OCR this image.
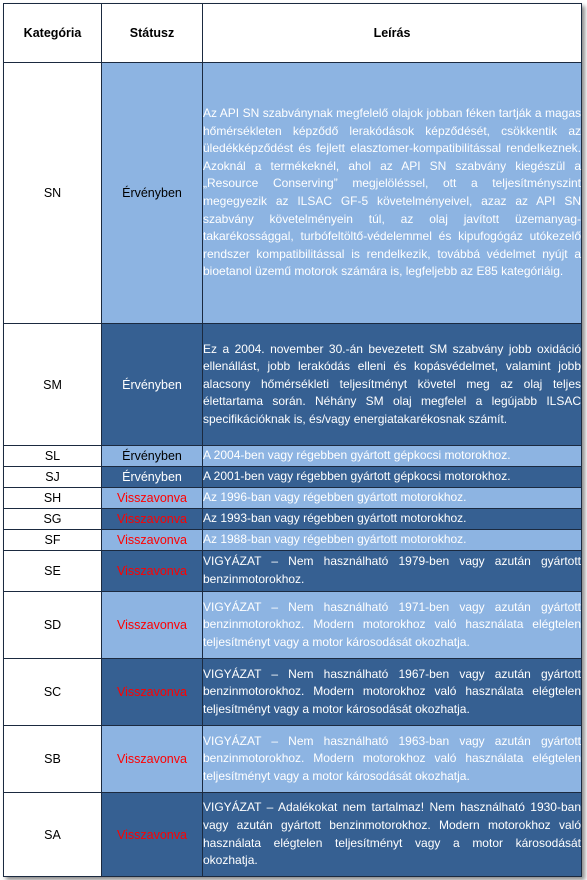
Kategória	Státusz	Leírás
SN	Érvényben	Az API SN szabványnak megfelelő olajok jobban féken tartják a magas hőmérsékleten képződő lerakódások képződését, csökkentik az üledékképződést és fejlett elasztomer-kompatibilitással rendelkeznek. Azoknál a termékeknél, ahol az API SN szabvány kiegészül a „Resource Conserving” megjelöléssel, ott a teljesítményszint megegyezik az ILSAC GF-5 követelményeivel, azaz az API SN szabvány követelményein túl, az olaj javított üzemanyag-takarékossággal, turbófeltöltő-védelemmel és kipufogógáz utókezelő rendszer kompatibilitással is rendelkezik, továbbá védelmet nyújt a bioetanol üzemű motorok számára is, legfeljebb az E85 kategóriáig.
SM	Érvényben	Ez a 2004. november 30.-án bevezetett SM szabvány jobb oxidáció ellenállást, jobb lerakódás elleni és kopásvédelmet, valamint jobb alacsony hőmérsékleti teljesítményt követel meg az olaj teljes élettartama során. Néhány SM olaj megfelel a legújabb ILSAC specifikációknak is, és/vagy energiatakarékosnak számít.
SL	Érvényben	A 2004-ben vagy régebben gyártott gépkocsi motorokhoz.
SJ	Érvényben	A 2001-ben vagy régebben gyártott gépkocsi motorokhoz.
SH	Visszavonva	Az 1996-ban vagy régebben gyártott motorokhoz.
SG	Visszavonva	Az 1993-ban vagy régebben gyártott motorokhoz.
SF	Visszavonva	Az 1988-ban vagy régebben gyártott motorokhoz.
SE	Visszavonva	VIGYÁZAT – Nem használható 1979-ben vagy azután gyártott benzinmotorokhoz.
SD	Visszavonva	VIGYÁZAT – Nem használható 1971-ben vagy azután gyártott benzinmotorokhoz. Modern motorokhoz való használata elégtelen teljesítményt vagy a motor károsodását okozhatja.
SC	Visszavonva	VIGYÁZAT – Nem használható 1967-ben vagy azután gyártott benzinmotorokhoz. Modern motorokhoz való használata elégtelen teljesítményt vagy a motor károsodását okozhatja.
SB	Visszavonva	VIGYÁZAT – Nem használható 1963-ban vagy azután gyártott benzinmotorokhoz. Modern motorokhoz való használata elégtelen teljesítményt vagy a motor károsodását okozhatja.
SA	Visszavonva	VIGYÁZAT – Adalékokat nem tartalmaz! Nem használható 1930-ban vagy azután gyártott benzinmotorokhoz. Modern motorokhoz való használata elégtelen teljesítményt vagy a motor károsodását okozhatja.
